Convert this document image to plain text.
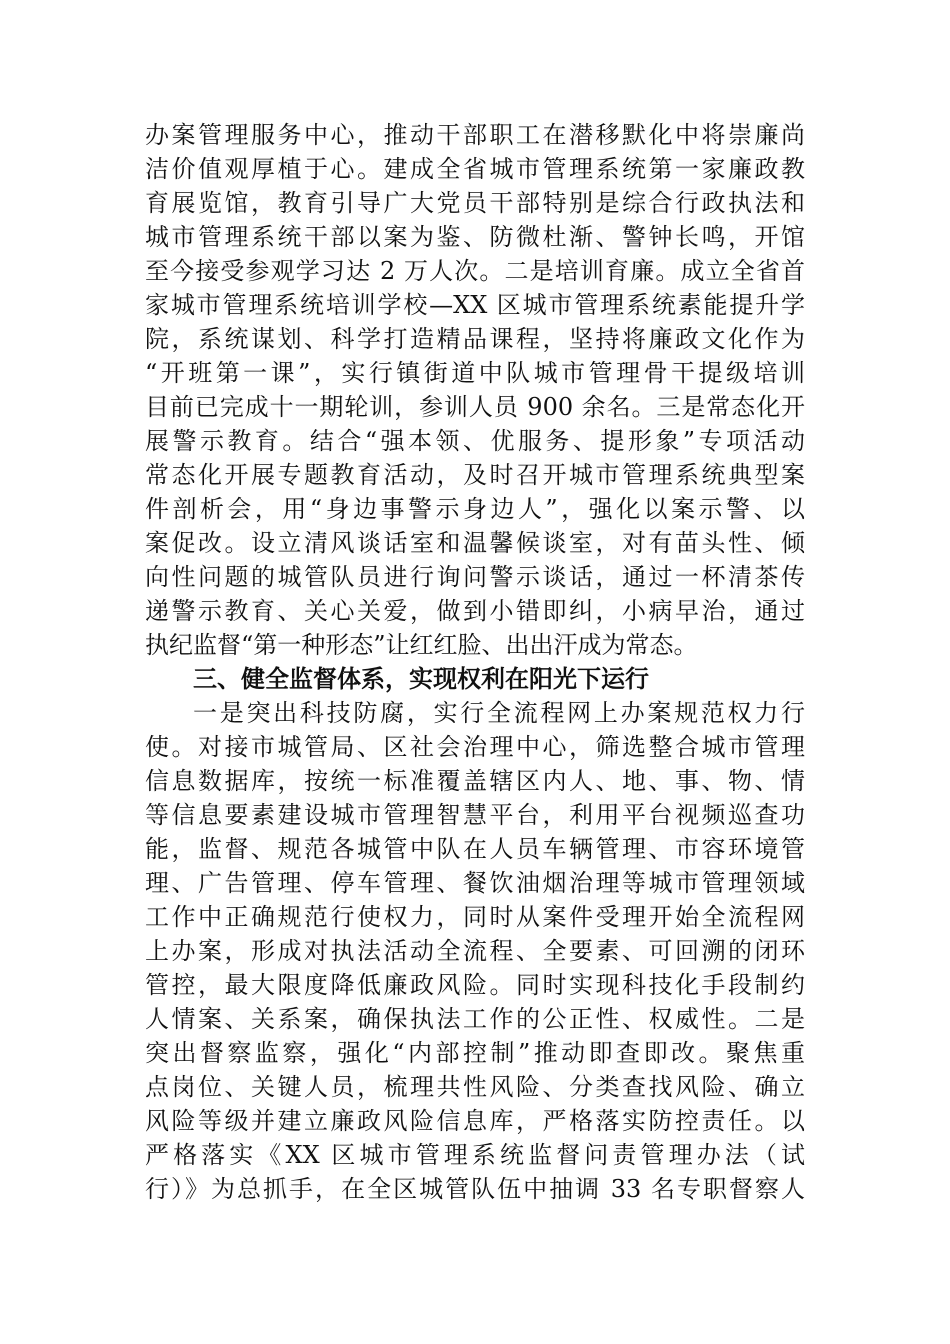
办案管理服务中心，推动干部职工在潜移默化中将崇廉尚
洁价值观厚植于心。建成全省城市管理系统第一家廉政教
育展览馆，教育引导广大党员干部特别是综合行政执法和
城市管理系统干部以案为鉴、防微杜渐、警钟长鸣，开馆
至今接受参观学习达 2 万人次。二是培训育廉。成立全省首
家城市管理系统培训学校—XX 区城市管理系统素能提升学
院，系统谋划、科学打造精品课程，坚持将廉政文化作为
“开班第一课”，实行镇街道中队城市管理骨干提级培训
目前已完成十一期轮训，参训人员 900 余名。三是常态化开
展警示教育。结合“强本领、优服务、提形象”专项活动
常态化开展专题教育活动，及时召开城市管理系统典型案
件剖析会，用“身边事警示身边人”，强化以案示警、以
案促改。设立清风谈话室和温馨候谈室，对有苗头性、倾
向性问题的城管队员进行询问警示谈话，通过一杯清茶传
递警示教育、关心关爱，做到小错即纠，小病早治，通过
执纪监督“第一种形态”让红红脸、出出汗成为常态。
三、健全监督体系，实现权利在阳光下运行
一是突出科技防腐，实行全流程网上办案规范权力行
使。对接市城管局、区社会治理中心，筛选整合城市管理
信息数据库，按统一标准覆盖辖区内人、地、事、物、情
等信息要素建设城市管理智慧平台，利用平台视频巡查功
能，监督、规范各城管中队在人员车辆管理、市容环境管
理、广告管理、停车管理、餐饮油烟治理等城市管理领域
工作中正确规范行使权力，同时从案件受理开始全流程网
上办案，形成对执法活动全流程、全要素、可回溯的闭环
管控，最大限度降低廉政风险。同时实现科技化手段制约
人情案、关系案，确保执法工作的公正性、权威性。二是
突出督察监察，强化“内部控制”推动即查即改。聚焦重
点岗位、关键人员，梳理共性风险、分类查找风险、确立
风险等级并建立廉政风险信息库，严格落实防控责任。以
严格落实《XX 区城市管理系统监督问责管理办法（试
行）》为总抓手，在全区城管队伍中抽调 33 名专职督察人
